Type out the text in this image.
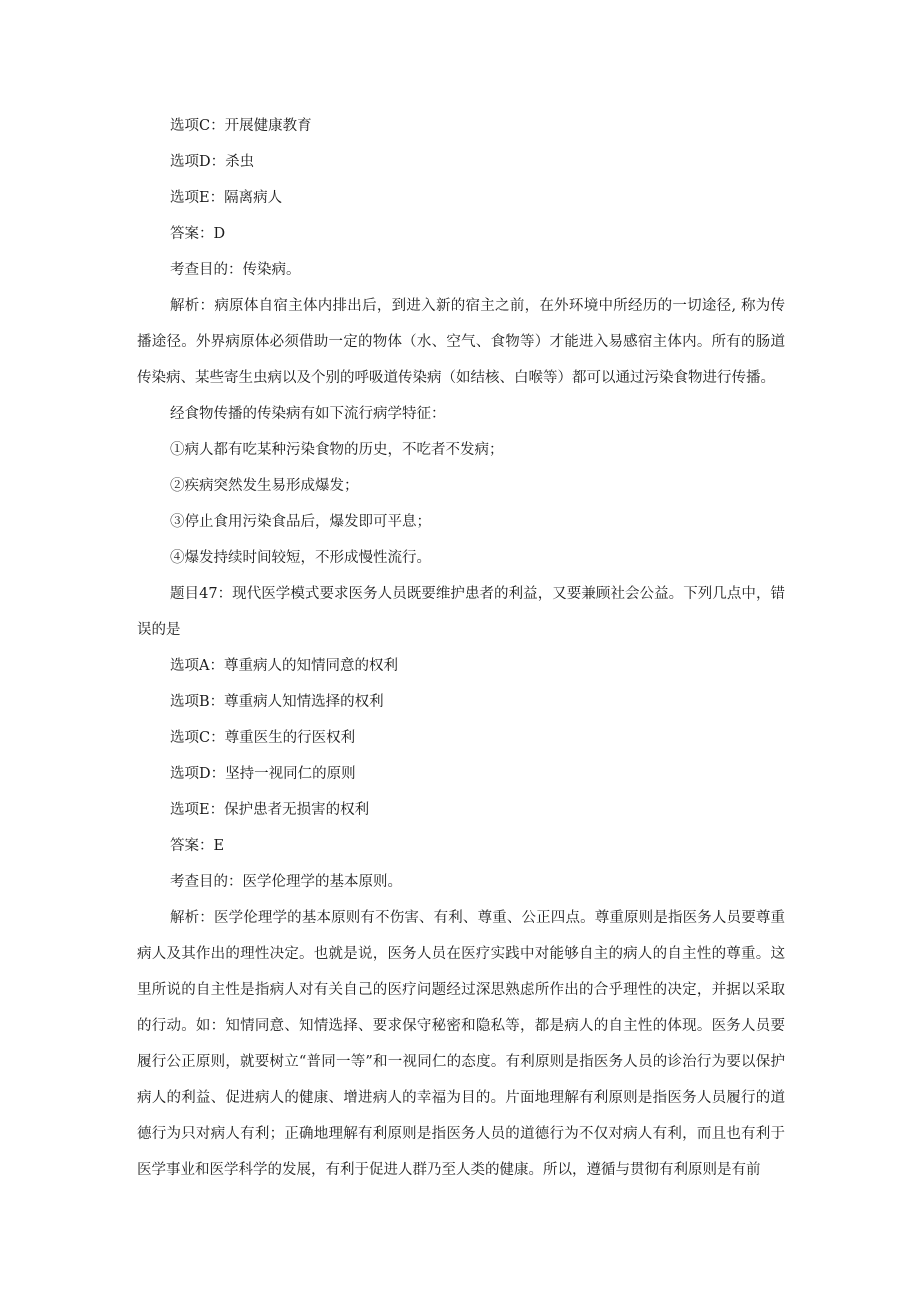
选项C：开展健康教育

选项D：杀虫

选项E：隔离病人

答案：D

考查目的：传染病。

解析：病原体自宿主体内排出后，到进入新的宿主之前，在外环境中所经历的一切途径, 称为传播途径。外界病原体必须借助一定的物体（水、空气、食物等）才能进入易感宿主体内。所有的肠道传染病、某些寄生虫病以及个别的呼吸道传染病（如结核、白喉等）都可以通过污染食物进行传播。

经食物传播的传染病有如下流行病学特征：

①病人都有吃某种污染食物的历史，不吃者不发病；

②疾病突然发生易形成爆发；

③停止食用污染食品后，爆发即可平息；

④爆发持续时间较短，不形成慢性流行。

题目47：现代医学模式要求医务人员既要维护患者的利益，又要兼顾社会公益。下列几点中，错误的是

选项A：尊重病人的知情同意的权利

选项B：尊重病人知情选择的权利

选项C：尊重医生的行医权利

选项D：坚持一视同仁的原则

选项E：保护患者无损害的权利

答案：E

考查目的：医学伦理学的基本原则。

解析：医学伦理学的基本原则有不伤害、有利、尊重、公正四点。尊重原则是指医务人员要尊重病人及其作出的理性决定。也就是说，医务人员在医疗实践中对能够自主的病人的自主性的尊重。这里所说的自主性是指病人对有关自己的医疗问题经过深思熟虑所作出的合乎理性的决定，并据以采取的行动。如：知情同意、知情选择、要求保守秘密和隐私等，都是病人的自主性的体现。医务人员要履行公正原则，就要树立“普同一等”和一视同仁的态度。有利原则是指医务人员的诊治行为要以保护病人的利益、促进病人的健康、增进病人的幸福为目的。片面地理解有利原则是指医务人员履行的道德行为只对病人有利；正确地理解有利原则是指医务人员的道德行为不仅对病人有利，而且也有利于医学事业和医学科学的发展，有利于促进人群乃至人类的健康。所以，遵循与贯彻有利原则是有前
